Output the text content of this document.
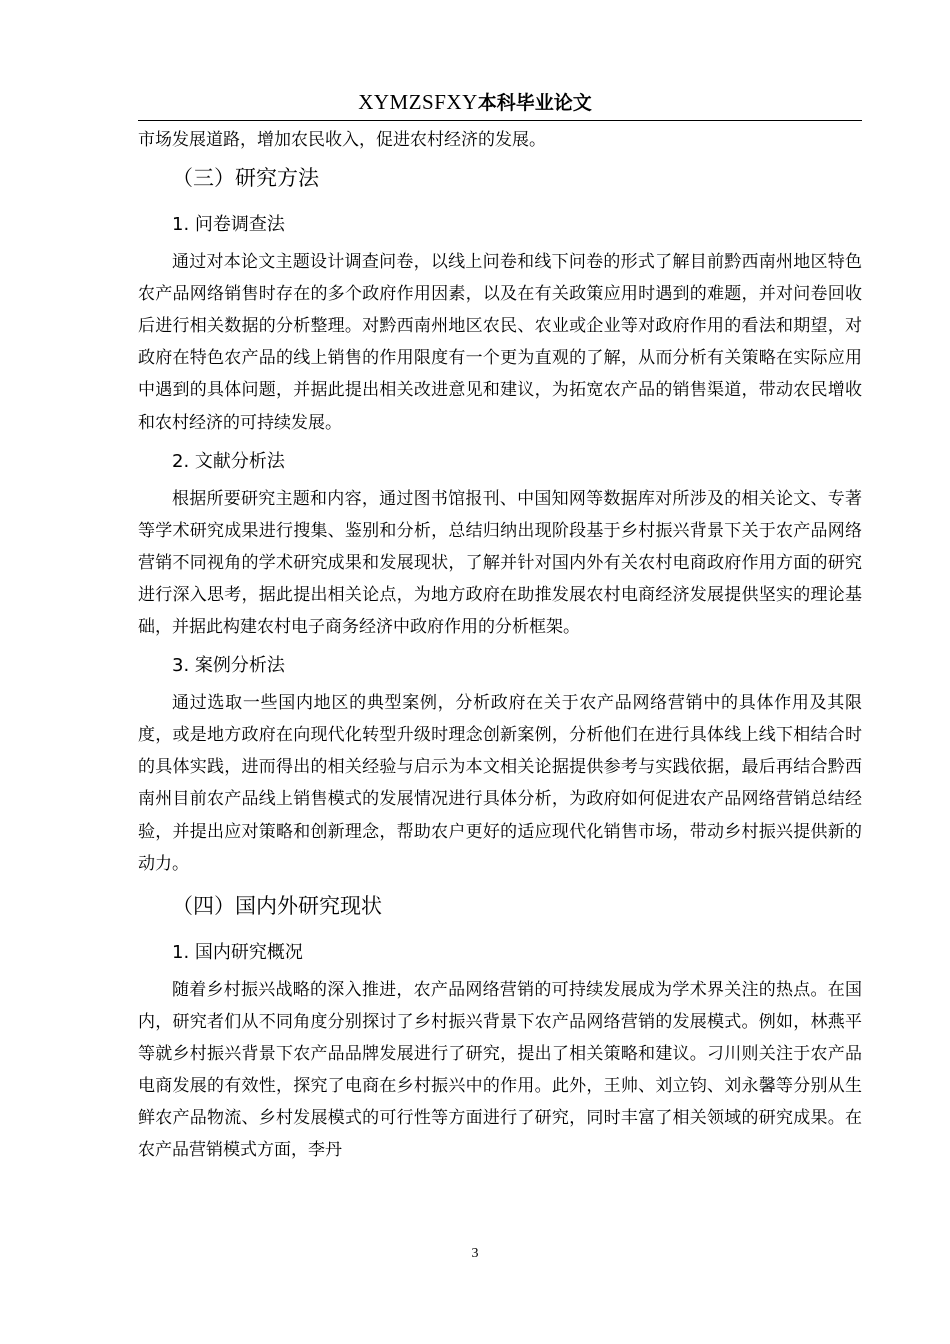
XYMZSFXY本科毕业论文

市场发展道路，增加农民收入，促进农村经济的发展。

（三）研究方法
1. 问卷调查法

通过对本论文主题设计调查问卷，以线上问卷和线下问卷的形式了解目前黔西南州地区特色农产品网络销售时存在的多个政府作用因素，以及在有关政策应用时遇到的难题，并对问卷回收后进行相关数据的分析整理。对黔西南州地区农民、农业或企业等对政府作用的看法和期望，对政府在特色农产品的线上销售的作用限度有一个更为直观的了解，从而分析有关策略在实际应用中遇到的具体问题，并据此提出相关改进意见和建议，为拓宽农产品的销售渠道，带动农民增收和农村经济的可持续发展。

2. 文献分析法

根据所要研究主题和内容，通过图书馆报刊、中国知网等数据库对所涉及的相关论文、专著等学术研究成果进行搜集、鉴别和分析，总结归纳出现阶段基于乡村振兴背景下关于农产品网络营销不同视角的学术研究成果和发展现状，了解并针对国内外有关农村电商政府作用方面的研究进行深入思考，据此提出相关论点，为地方政府在助推发展农村电商经济发展提供坚实的理论基础，并据此构建农村电子商务经济中政府作用的分析框架。

3. 案例分析法

通过选取一些国内地区的典型案例，分析政府在关于农产品网络营销中的具体作用及其限度，或是地方政府在向现代化转型升级时理念创新案例，分析他们在进行具体线上线下相结合时的具体实践，进而得出的相关经验与启示为本文相关论据提供参考与实践依据，最后再结合黔西南州目前农产品线上销售模式的发展情况进行具体分析，为政府如何促进农产品网络营销总结经验，并提出应对策略和创新理念，帮助农户更好的适应现代化销售市场，带动乡村振兴提供新的动力。

（四）国内外研究现状
1. 国内研究概况

随着乡村振兴战略的深入推进，农产品网络营销的可持续发展成为学术界关注的热点。在国内，研究者们从不同角度分别探讨了乡村振兴背景下农产品网络营销的发展模式。例如，林燕平等就乡村振兴背景下农产品品牌发展进行了研究，提出了相关策略和建议。刁川则关注于农产品电商发展的有效性，探究了电商在乡村振兴中的作用。此外，王帅、刘立钧、刘永馨等分别从生鲜农产品物流、乡村发展模式的可行性等方面进行了研究，同时丰富了相关领域的研究成果。在农产品营销模式方面，李丹

3
